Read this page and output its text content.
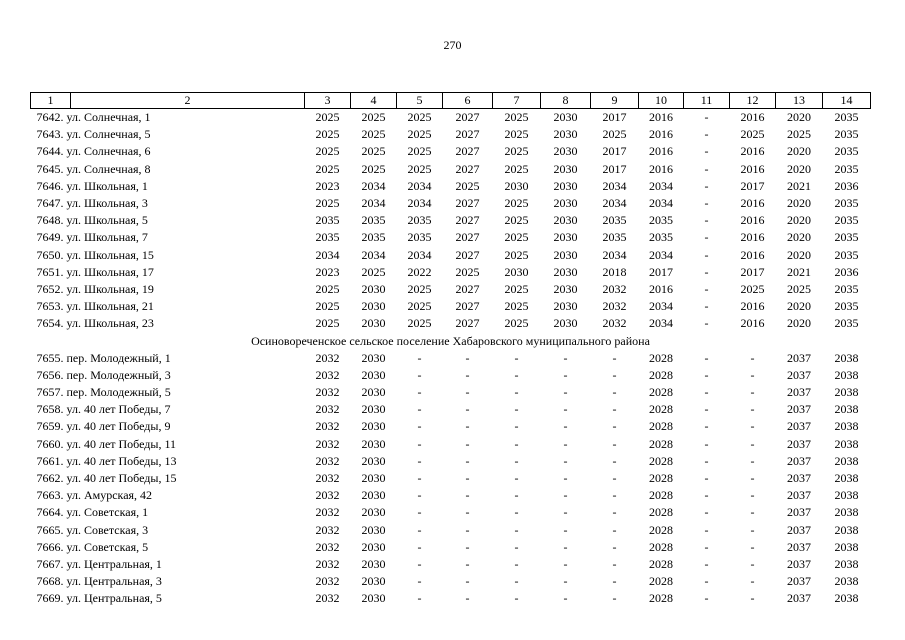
270
1	2	3	4	5	6	7	8	9	10	11	12	13	14
7642. ул. Солнечная, 1		2025	2025	2025	2027	2025	2030	2017	2016	-	2016	2020	2035
7643. ул. Солнечная, 5		2025	2025	2025	2027	2025	2030	2025	2016	-	2025	2025	2035
7644. ул. Солнечная, 6		2025	2025	2025	2027	2025	2030	2017	2016	-	2016	2020	2035
7645. ул. Солнечная, 8		2025	2025	2025	2027	2025	2030	2017	2016	-	2016	2020	2035
7646. ул. Школьная, 1		2023	2034	2034	2025	2030	2030	2034	2034	-	2017	2021	2036
7647. ул. Школьная, 3		2025	2034	2034	2027	2025	2030	2034	2034	-	2016	2020	2035
7648. ул. Школьная, 5		2035	2035	2035	2027	2025	2030	2035	2035	-	2016	2020	2035
7649. ул. Школьная, 7		2035	2035	2035	2027	2025	2030	2035	2035	-	2016	2020	2035
7650. ул. Школьная, 15		2034	2034	2034	2027	2025	2030	2034	2034	-	2016	2020	2035
7651. ул. Школьная, 17		2023	2025	2022	2025	2030	2030	2018	2017	-	2017	2021	2036
7652. ул. Школьная, 19		2025	2030	2025	2027	2025	2030	2032	2016	-	2025	2025	2035
7653. ул. Школьная, 21		2025	2030	2025	2027	2025	2030	2032	2034	-	2016	2020	2035
7654. ул. Школьная, 23		2025	2030	2025	2027	2025	2030	2032	2034	-	2016	2020	2035
Осиновореченское сельское поселение Хабаровского муниципального района													
7655. пер. Молодежный, 1		2032	2030	-	-	-	-	-	2028	-	-	2037	2038
7656. пер. Молодежный, 3		2032	2030	-	-	-	-	-	2028	-	-	2037	2038
7657. пер. Молодежный, 5		2032	2030	-	-	-	-	-	2028	-	-	2037	2038
7658. ул. 40 лет Победы, 7		2032	2030	-	-	-	-	-	2028	-	-	2037	2038
7659. ул. 40 лет Победы, 9		2032	2030	-	-	-	-	-	2028	-	-	2037	2038
7660. ул. 40 лет Победы, 11		2032	2030	-	-	-	-	-	2028	-	-	2037	2038
7661. ул. 40 лет Победы, 13		2032	2030	-	-	-	-	-	2028	-	-	2037	2038
7662. ул. 40 лет Победы, 15		2032	2030	-	-	-	-	-	2028	-	-	2037	2038
7663. ул. Амурская, 42		2032	2030	-	-	-	-	-	2028	-	-	2037	2038
7664. ул. Советская, 1		2032	2030	-	-	-	-	-	2028	-	-	2037	2038
7665. ул. Советская, 3		2032	2030	-	-	-	-	-	2028	-	-	2037	2038
7666. ул. Советская, 5		2032	2030	-	-	-	-	-	2028	-	-	2037	2038
7667. ул. Центральная, 1		2032	2030	-	-	-	-	-	2028	-	-	2037	2038
7668. ул. Центральная, 3		2032	2030	-	-	-	-	-	2028	-	-	2037	2038
7669. ул. Центральная, 5		2032	2030	-	-	-	-	-	2028	-	-	2037	2038
